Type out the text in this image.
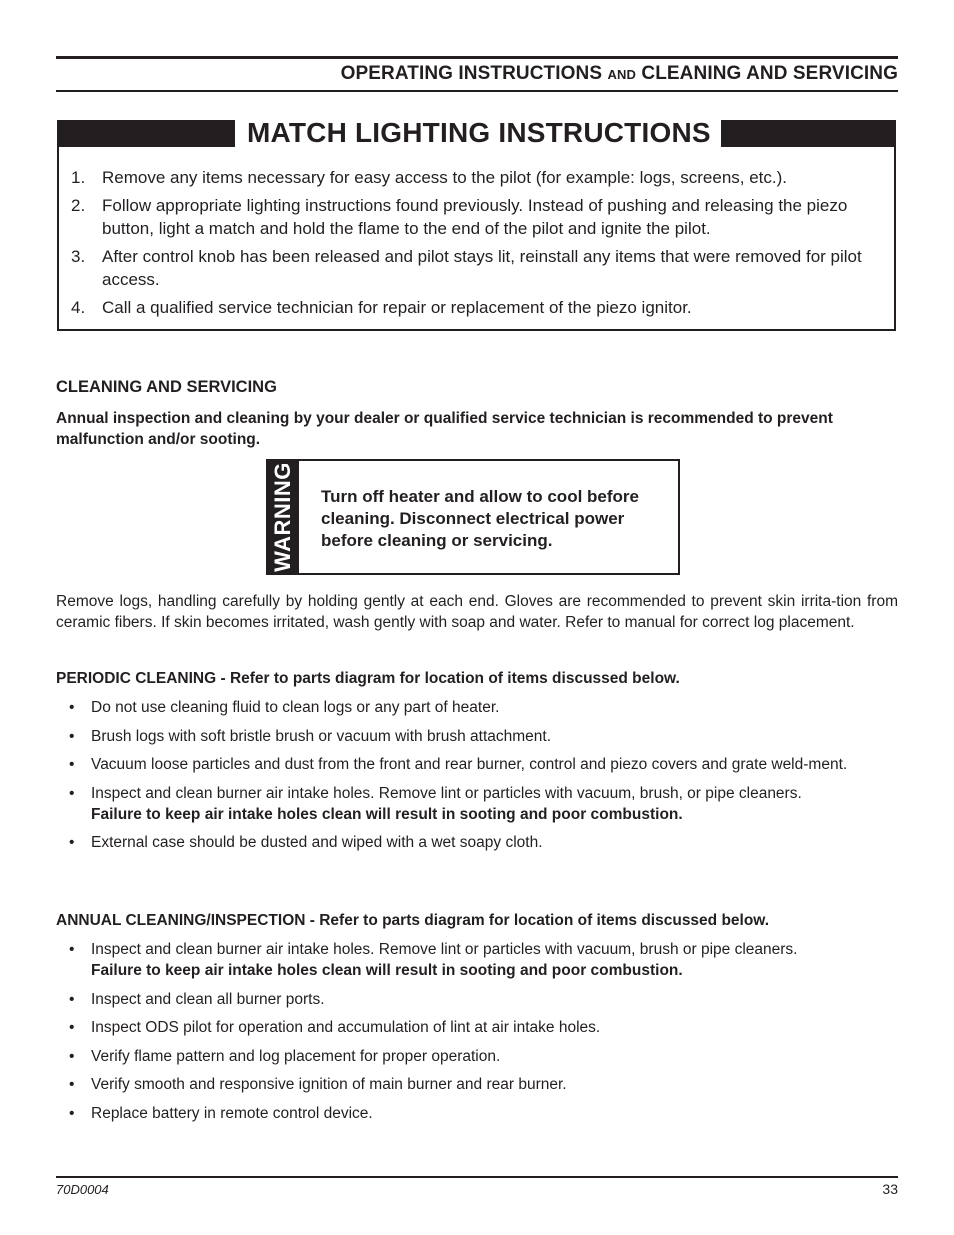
OPERATING INSTRUCTIONS AND CLEANING AND SERVICING
MATCH LIGHTING INSTRUCTIONS
1. Remove any items necessary for easy access to the pilot (for example: logs, screens, etc.).
2. Follow appropriate lighting instructions found previously. Instead of pushing and releasing the piezo button, light a match and hold the flame to the end of the pilot and ignite the pilot.
3. After control knob has been released and pilot stays lit, reinstall any items that were removed for pilot access.
4. Call a qualified service technician for repair or replacement of the piezo ignitor.
CLEANING AND SERVICING
Annual inspection and cleaning by your dealer or qualified service technician is recommended to prevent malfunction and/or sooting.
WARNING Turn off heater and allow to cool before cleaning. Disconnect electrical power before cleaning or servicing.
Remove logs, handling carefully by holding gently at each end. Gloves are recommended to prevent skin irrita-tion from ceramic fibers. If skin becomes irritated, wash gently with soap and water. Refer to manual for correct log placement.
PERIODIC CLEANING - Refer to parts diagram for location of items discussed below.
• Do not use cleaning fluid to clean logs or any part of heater.
• Brush logs with soft bristle brush or vacuum with brush attachment.
• Vacuum loose particles and dust from the front and rear burner, control and piezo covers and grate weld-ment.
• Inspect and clean burner air intake holes. Remove lint or particles with vacuum, brush, or pipe cleaners.
Failure to keep air intake holes clean will result in sooting and poor combustion.
• External case should be dusted and wiped with a wet soapy cloth.
ANNUAL CLEANING/INSPECTION - Refer to parts diagram for location of items discussed below.
• Inspect and clean burner air intake holes. Remove lint or particles with vacuum, brush or pipe cleaners.
Failure to keep air intake holes clean will result in sooting and poor combustion.
• Inspect and clean all burner ports.
• Inspect ODS pilot for operation and accumulation of lint at air intake holes.
• Verify flame pattern and log placement for proper operation.
• Verify smooth and responsive ignition of main burner and rear burner.
• Replace battery in remote control device.
70D0004	33
